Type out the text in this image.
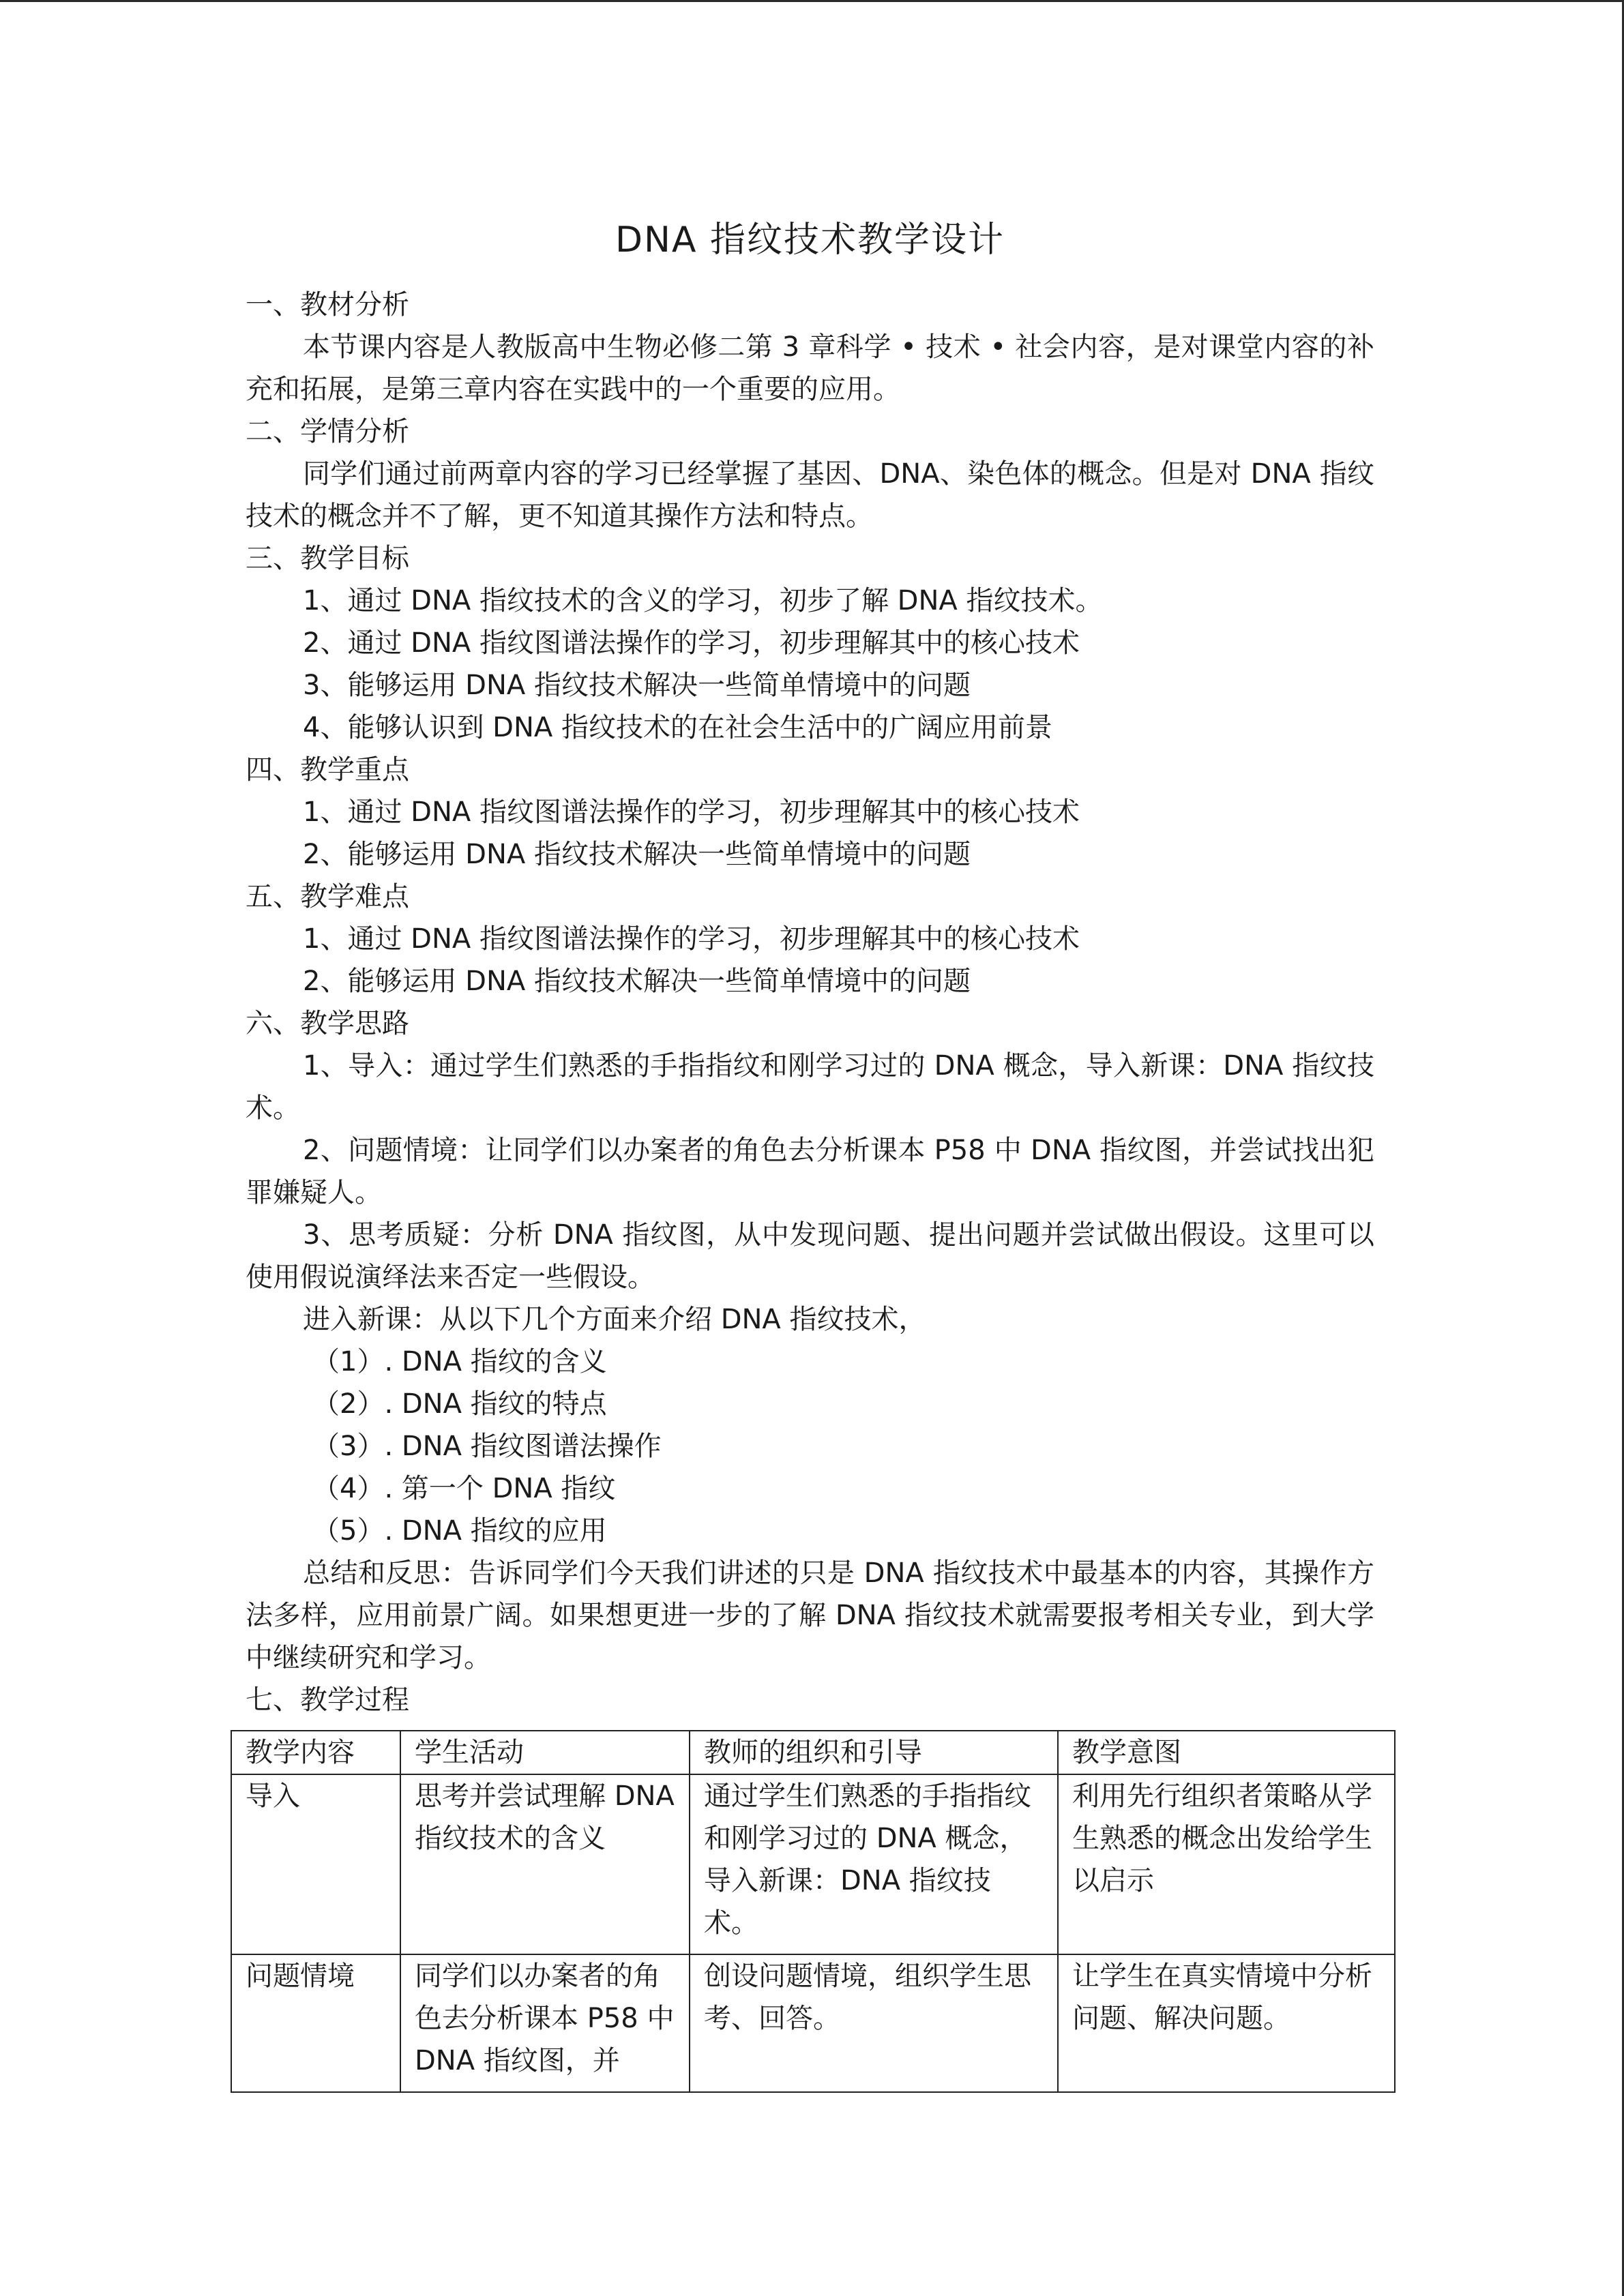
DNA 指纹技术教学设计

一、教材分析

本节课内容是人教版高中生物必修二第 3 章科学 • 技术 • 社会内容，是对课堂内容的补充和拓展，是第三章内容在实践中的一个重要的应用。

二、学情分析

同学们通过前两章内容的学习已经掌握了基因、DNA、染色体的概念。但是对 DNA 指纹技术的概念并不了解，更不知道其操作方法和特点。

三、教学目标

1、通过 DNA 指纹技术的含义的学习，初步了解 DNA 指纹技术。

2、通过 DNA 指纹图谱法操作的学习，初步理解其中的核心技术

3、能够运用 DNA 指纹技术解决一些简单情境中的问题

4、能够认识到 DNA 指纹技术的在社会生活中的广阔应用前景

四、教学重点

1、通过 DNA 指纹图谱法操作的学习，初步理解其中的核心技术

2、能够运用 DNA 指纹技术解决一些简单情境中的问题

五、教学难点

1、通过 DNA 指纹图谱法操作的学习，初步理解其中的核心技术

2、能够运用 DNA 指纹技术解决一些简单情境中的问题

六、教学思路

1、导入：通过学生们熟悉的手指指纹和刚学习过的 DNA 概念，导入新课：DNA 指纹技术。

2、问题情境：让同学们以办案者的角色去分析课本 P58 中 DNA 指纹图，并尝试找出犯罪嫌疑人。

3、思考质疑：分析 DNA 指纹图，从中发现问题、提出问题并尝试做出假设。这里可以使用假说演绎法来否定一些假设。

进入新课：从以下几个方面来介绍 DNA 指纹技术，

（1）. DNA 指纹的含义

（2）. DNA 指纹的特点

（3）. DNA 指纹图谱法操作

（4）. 第一个 DNA 指纹

（5）. DNA 指纹的应用

总结和反思：告诉同学们今天我们讲述的只是 DNA 指纹技术中最基本的内容，其操作方法多样，应用前景广阔。如果想更进一步的了解 DNA 指纹技术就需要报考相关专业，到大学中继续研究和学习。

七、教学过程

教学内容	学生活动	教师的组织和引导	教学意图
导入	思考并尝试理解 DNA 指纹技术的含义	通过学生们熟悉的手指指纹和刚学习过的 DNA 概念，导入新课：DNA 指纹技术。	利用先行组织者策略从学生熟悉的概念出发给学生以启示
问题情境	同学们以办案者的角色去分析课本 P58 中 DNA 指纹图，并	创设问题情境，组织学生思考、回答。	让学生在真实情境中分析问题、解决问题。
